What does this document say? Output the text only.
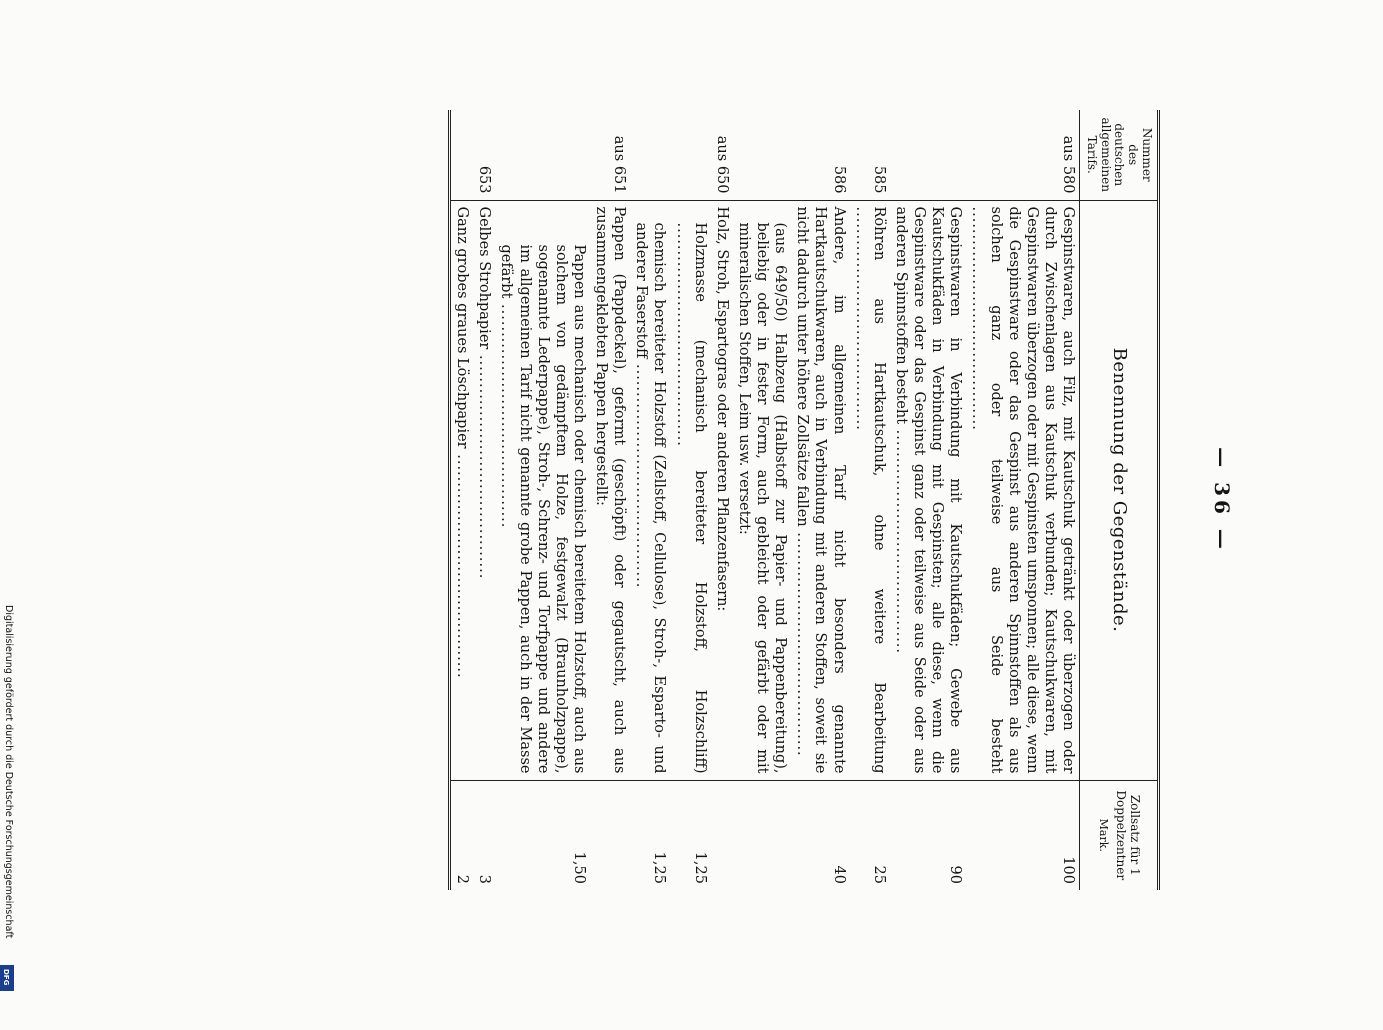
Digitalisierung gefördert durch die Deutsche Forschungsgemeinschaft
DFG
— 36 —
Nummer des deutschen allgemeinen Tarifs.	Benennung der Gegenstände.	Zollsatz für 1 Doppelzentner
Mark.

aus 580	Gespinstwaren, auch Filz, mit Kautschuk getränkt oder überzogen oder durch Zwischenlagen aus Kautschuk verbunden; Kautschukwaren, mit Gespinstwaren überzogen oder mit Gespinsten umsponnen; alle diese, wenn die Gespinstware oder das Gespinst aus anderen Spinnstoffen als aus solchen ganz oder teilweise aus Seide besteht .....	100
	Gespinstwaren in Verbindung mit Kautschukfäden; Gewebe aus Kautschukfäden in Verbindung mit Gespinsten; alle diese, wenn die Gespinstware oder das Gespinst ganz oder teilweise aus Seide oder aus anderen Spinnstoffen besteht .....	90
585	Röhren aus Hartkautschuk, ohne weitere Bearbeitung .....	25
586	Andere, im allgemeinen Tarif nicht besonders genannte Hartkautschukwaren, auch in Verbindung mit anderen Stoffen, soweit sie nicht dadurch unter höhere Zollsätze fallen .....	40
	(aus 649/50) Halbzeug (Halbstoff zur Papier- und Pappenbereitung), beliebig oder in fester Form, auch gebleicht oder gefärbt oder mit mineralischen Stoffen, Leim usw. versetzt:	
aus 650	Holz, Stroh, Espartogras oder anderen Pflanzenfasern:	
	Holzmasse (mechanisch bereiteter Holzstoff, Holzschliff) .....	1,25
	chemisch bereiteter Holzstoff (Zellstoff, Cellulose), Stroh-, Esparto- und anderer Faserstoff .....	1,25
aus 651	Pappen (Pappdeckel), geformt (geschöpft) oder gegautscht, auch aus zusammengeklebten Pappen hergestellt:	
	Pappen aus mechanisch oder chemisch bereitetem Holzstoff, auch aus solchem von gedämpftem Holze, festgewalzt (Braunholzpappe), sogenannte Lederpappe), Stroh-, Schrenz- und Torfpappe und andere im allgemeinen Tarif nicht genannte grobe Pappen, auch in der Masse gefärbt .....	1,50
653	Gelbes Strohpapier .....	3
	Ganz grobes graues Löschpapier .....	2
